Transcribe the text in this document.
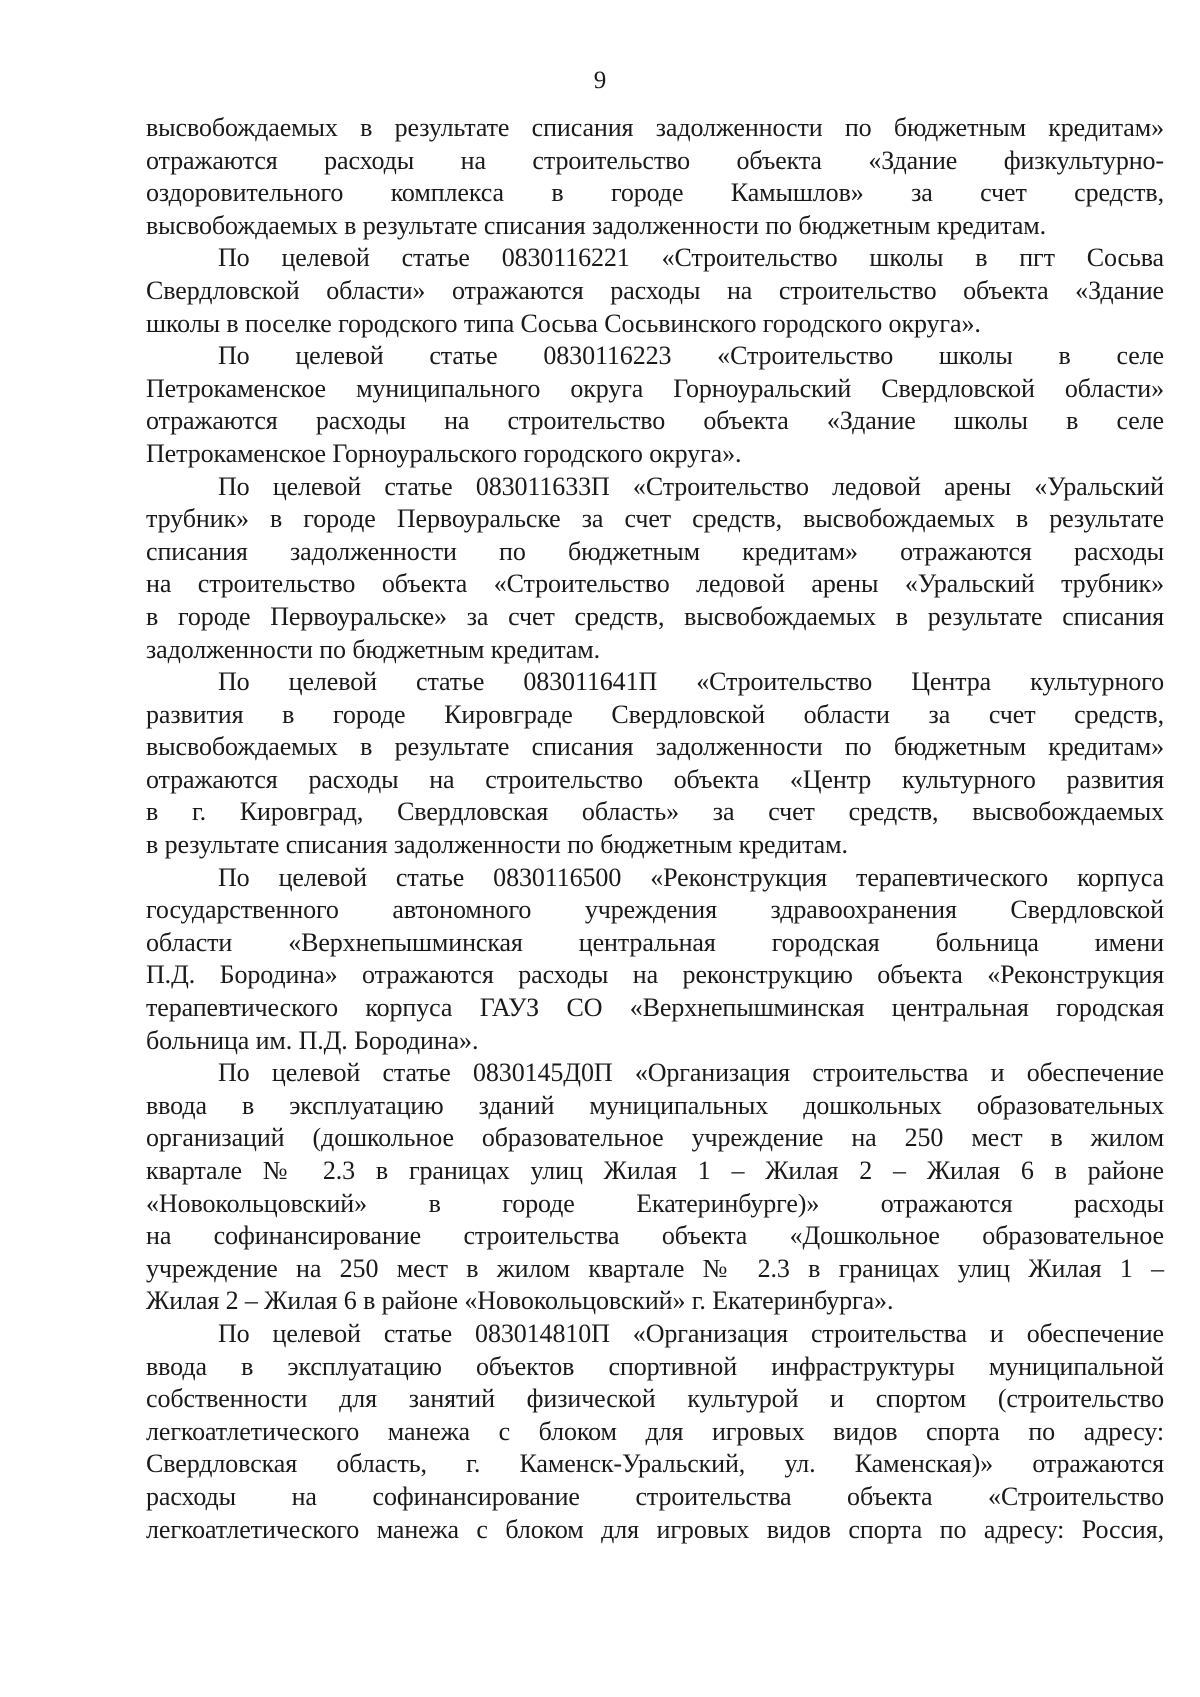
9
высвобождаемых в результате списания задолженности по бюджетным кредитам»
отражаются расходы на строительство объекта «Здание физкультурно-
оздоровительного комплекса в городе Камышлов» за счет средств,
высвобождаемых в результате списания задолженности по бюджетным кредитам.
По целевой статье 0830116221 «Строительство школы в пгт Сосьва
Свердловской области» отражаются расходы на строительство объекта «Здание
школы в поселке городского типа Сосьва Сосьвинского городского округа».
По целевой статье 0830116223 «Строительство школы в селе
Петрокаменское муниципального округа Горноуральский Свердловской области»
отражаются расходы на строительство объекта «Здание школы в селе
Петрокаменское Горноуральского городского округа».
По целевой статье 083011633П «Строительство ледовой арены «Уральский
трубник» в городе Первоуральске за счет средств, высвобождаемых в результате
списания задолженности по бюджетным кредитам» отражаются расходы
на строительство объекта «Строительство ледовой арены «Уральский трубник»
в городе Первоуральске» за счет средств, высвобождаемых в результате списания
задолженности по бюджетным кредитам.
По целевой статье 083011641П «Строительство Центра культурного
развития в городе Кировграде Свердловской области за счет средств,
высвобождаемых в результате списания задолженности по бюджетным кредитам»
отражаются расходы на строительство объекта «Центр культурного развития
в г. Кировград, Свердловская область» за счет средств, высвобождаемых
в результате списания задолженности по бюджетным кредитам.
По целевой статье 0830116500 «Реконструкция терапевтического корпуса
государственного автономного учреждения здравоохранения Свердловской
области «Верхнепышминская центральная городская больница имени
П.Д. Бородина» отражаются расходы на реконструкцию объекта «Реконструкция
терапевтического корпуса ГАУЗ СО «Верхнепышминская центральная городская
больница им. П.Д. Бородина».
По целевой статье 0830145Д0П «Организация строительства и обеспечение
ввода в эксплуатацию зданий муниципальных дошкольных образовательных
организаций (дошкольное образовательное учреждение на 250 мест в жилом
квартале № 2.3 в границах улиц Жилая 1 – Жилая 2 – Жилая 6 в районе
«Новокольцовский» в городе Екатеринбурге)» отражаются расходы
на софинансирование строительства объекта «Дошкольное образовательное
учреждение на 250 мест в жилом квартале № 2.3 в границах улиц Жилая 1 –
Жилая 2 – Жилая 6 в районе «Новокольцовский» г. Екатеринбурга».
По целевой статье 083014810П «Организация строительства и обеспечение
ввода в эксплуатацию объектов спортивной инфраструктуры муниципальной
собственности для занятий физической культурой и спортом (строительство
легкоатлетического манежа с блоком для игровых видов спорта по адресу:
Свердловская область, г. Каменск-Уральский, ул. Каменская)» отражаются
расходы на софинансирование строительства объекта «Строительство
легкоатлетического манежа с блоком для игровых видов спорта по адресу: Россия,
